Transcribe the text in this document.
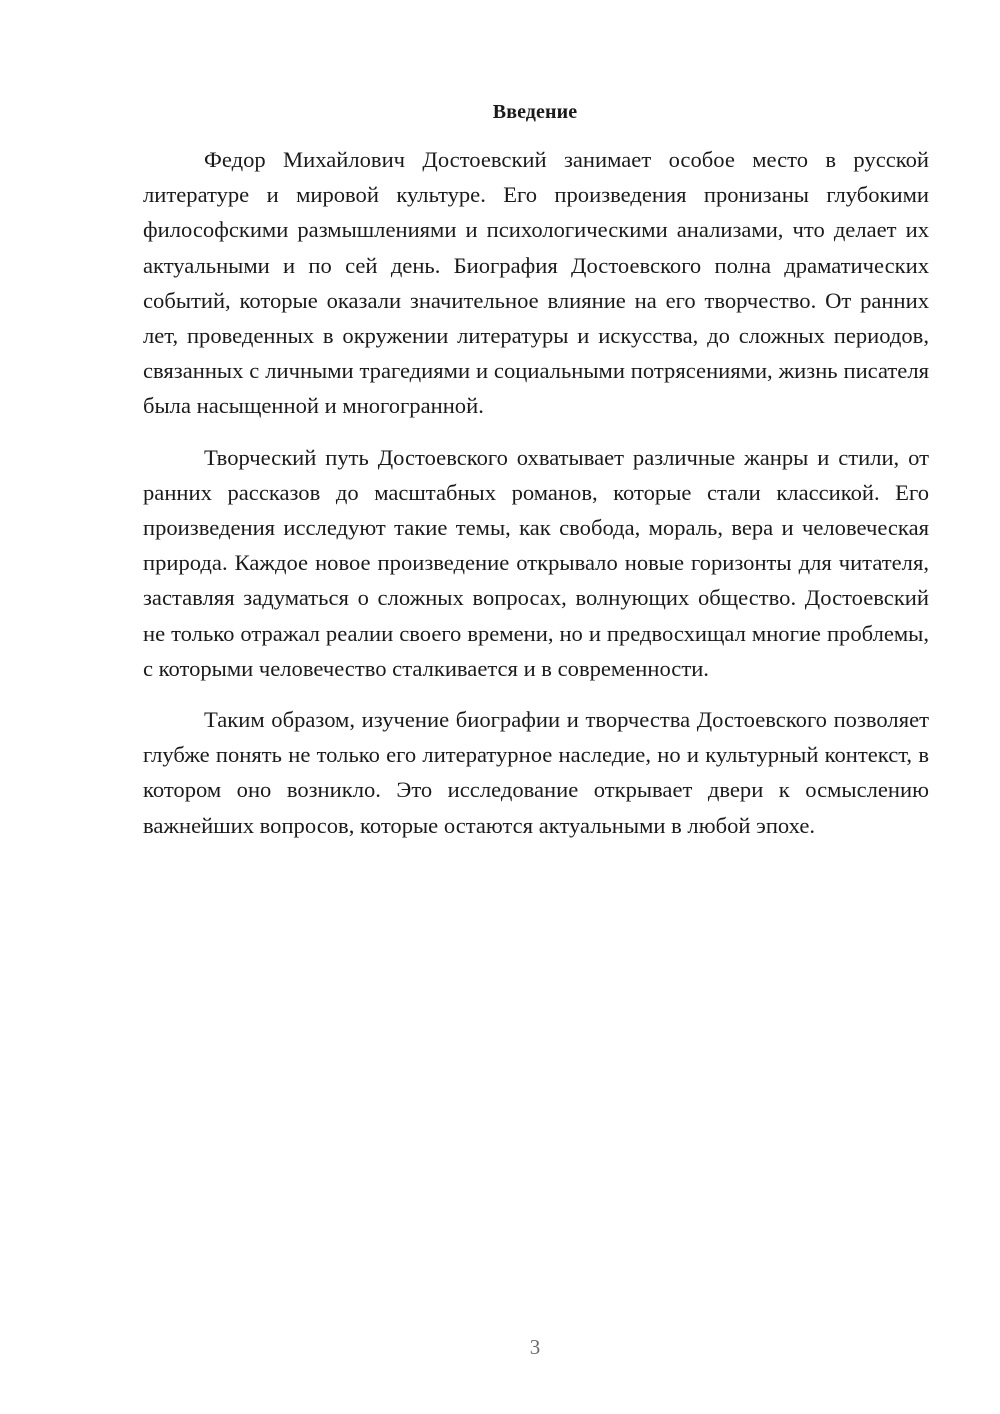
Введение

Федор Михайлович Достоевский занимает особое место в русской литературе и мировой культуре. Его произведения пронизаны глубокими философскими размышлениями и психологическими анализами, что делает их актуальными и по сей день. Биография Достоевского полна драматических событий, которые оказали значительное влияние на его творчество. От ранних лет, проведенных в окружении литературы и искусства, до сложных периодов, связанных с личными трагедиями и социальными потрясениями, жизнь писателя была насыщенной и многогранной.

Творческий путь Достоевского охватывает различные жанры и стили, от ранних рассказов до масштабных романов, которые стали классикой. Его произведения исследуют такие темы, как свобода, мораль, вера и человеческая природа. Каждое новое произведение открывало новые горизонты для читателя, заставляя задуматься о сложных вопросах, волнующих общество. Достоевский не только отражал реалии своего времени, но и предвосхищал многие проблемы, с которыми человечество сталкивается и в современности.

Таким образом, изучение биографии и творчества Достоевского позволяет глубже понять не только его литературное наследие, но и культурный контекст, в котором оно возникло. Это исследование открывает двери к осмыслению важнейших вопросов, которые остаются актуальными в любой эпохе.

3
